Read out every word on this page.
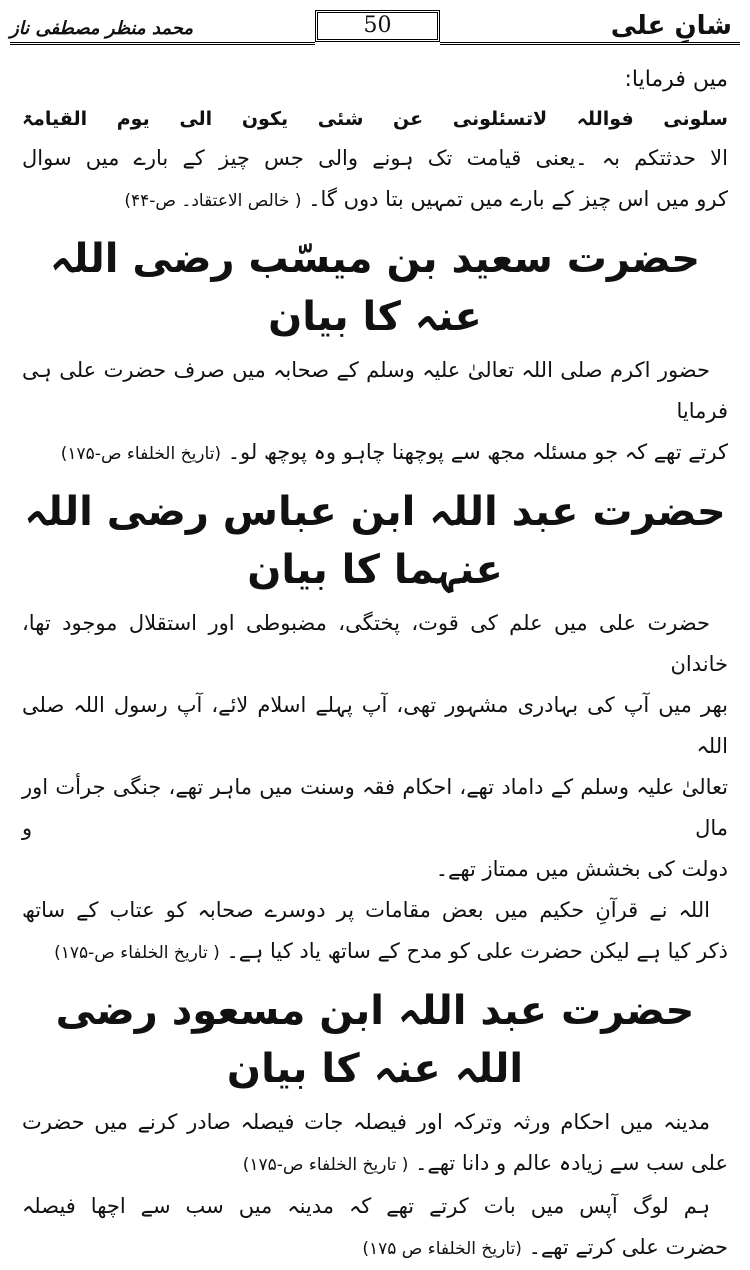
شانِ علی
50
محمد منظر مصطفی ناز

میں فرمایا:

سلونی فواللہ لاتسئلونی عن شئی یکون الی یوم القیامۃ

الا حدثتکم بہ ۔یعنی قیامت تک ہونے والی جس چیز کے بارے میں سوال

کرو میں اس چیز کے بارے میں تمہیں بتا دوں گا۔ ( خالص الاعتقاد۔ ص-۴۴)

حضرت سعید بن میسّب رضی اللہ عنہ کا بیان

حضور اکرم صلی اللہ تعالیٰ علیہ وسلم کے صحابہ میں صرف حضرت علی ہی فرمایا

کرتے تھے کہ جو مسئلہ مجھ سے پوچھنا چاہو وہ پوچھ لو۔ (تاریخ الخلفاء ص-۱۷۵)

حضرت عبد اللہ ابن عباس رضی اللہ عنہما کا بیان

حضرت علی میں علم کی قوت، پختگی، مضبوطی اور استقلال موجود تھا، خاندان

بھر میں آپ کی بہادری مشہور تھی، آپ پہلے اسلام لائے، آپ رسول اللہ صلی اللہ

تعالیٰ علیہ وسلم کے داماد تھے، احکام فقہ وسنت میں ماہر تھے، جنگی جرأت اور مال و

دولت کی بخشش میں ممتاز تھے۔

اللہ نے قرآنِ حکیم میں بعض مقامات پر دوسرے صحابہ کو عتاب کے ساتھ

ذکر کیا ہے لیکن حضرت علی کو مدح کے ساتھ یاد کیا ہے۔ ( تاریخ الخلفاء ص-۱۷۵)

حضرت عبد اللہ ابن مسعود رضی اللہ عنہ کا بیان

مدینہ میں احکام ورثہ وترکہ اور فیصلہ جات فیصلہ صادر کرنے میں حضرت

علی سب سے زیادہ عالم و دانا تھے۔ ( تاریخ الخلفاء ص-۱۷۵)

ہم لوگ آپس میں بات کرتے تھے کہ مدینہ میں سب سے اچھا فیصلہ

حضرت علی کرتے تھے۔ (تاریخ الخلفاء ص ۱۷۵)
